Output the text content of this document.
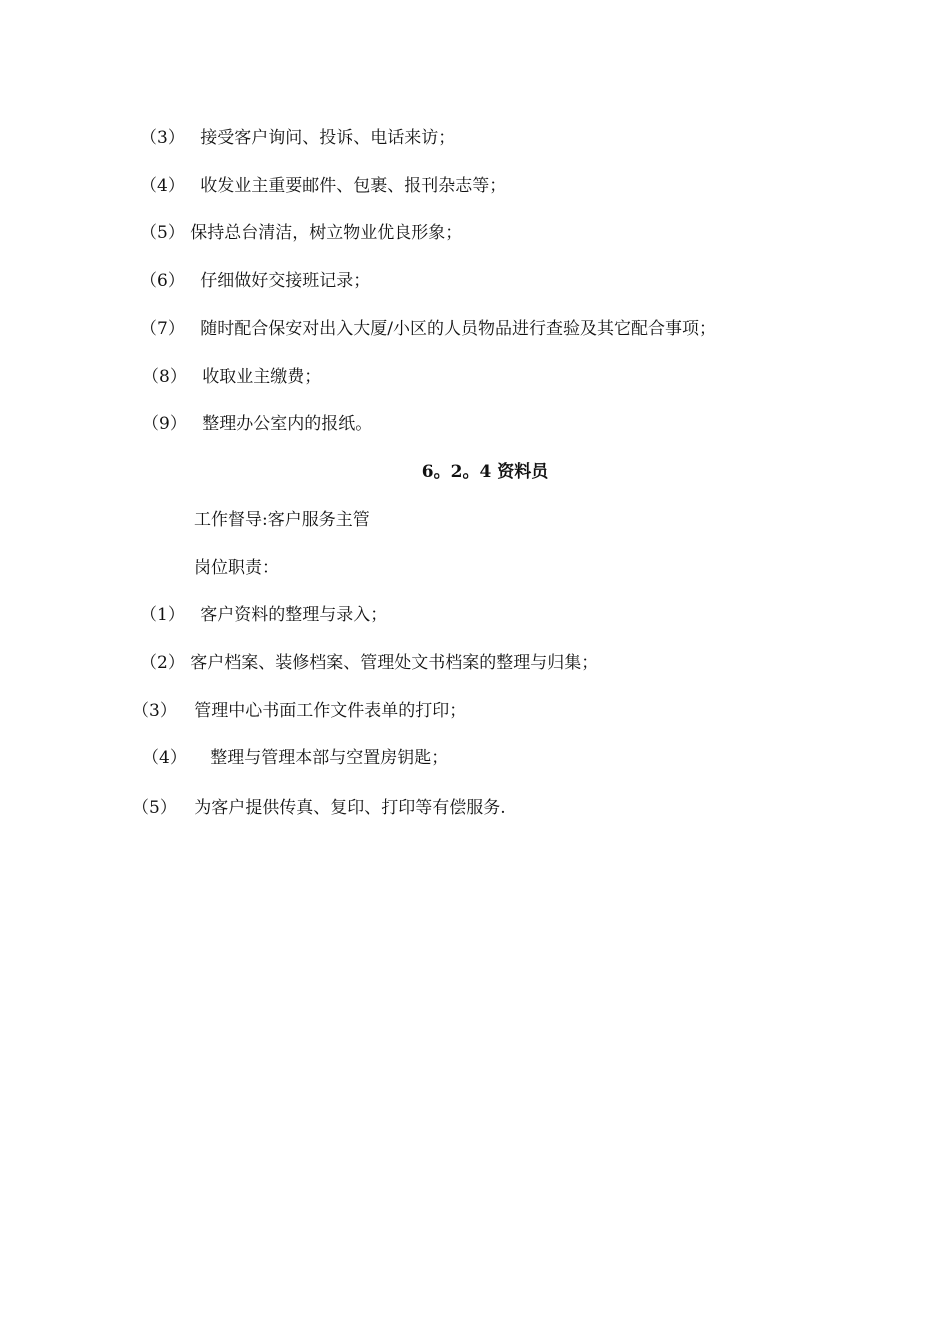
（3） 接受客户询问、投诉、电话来访；
（4） 收发业主重要邮件、包裹、报刊杂志等；
（5） 保持总台清洁，树立物业优良形象；
（6） 仔细做好交接班记录；
（7） 随时配合保安对出入大厦/小区的人员物品进行查验及其它配合事项；
（8） 收取业主缴费；
（9） 整理办公室内的报纸。
6。2。4 资料员
工作督导:客户服务主管
岗位职责：
（1） 客户资料的整理与录入；
（2） 客户档案、装修档案、管理处文书档案的整理与归集；
（3） 管理中心书面工作文件表单的打印；
（4） 整理与管理本部与空置房钥匙；
（5） 为客户提供传真、复印、打印等有偿服务.
